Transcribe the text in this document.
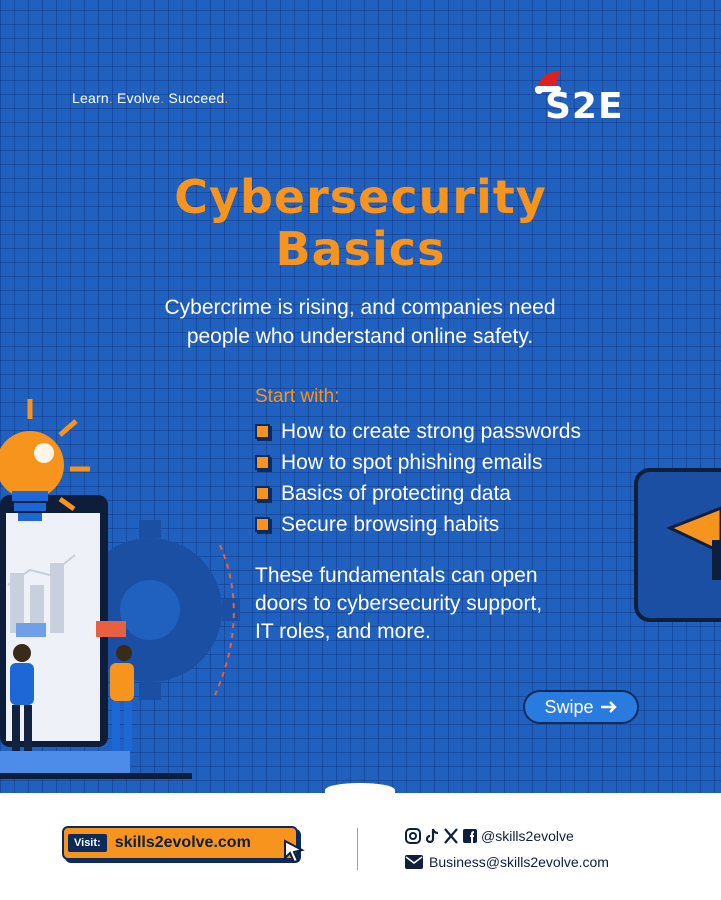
Learn. Evolve. Succeed.	S2E
Cybersecurity
Basics
Cybercrime is rising, and companies need
people who understand online safety.
Start with:
How to create strong passwords
How to spot phishing emails
Basics of protecting data
Secure browsing habits
These fundamentals can open
doors to cybersecurity support,
IT roles, and more.
Swipe
Visit: skills2evolve.com	@skills2evolve
Business@skills2evolve.com
